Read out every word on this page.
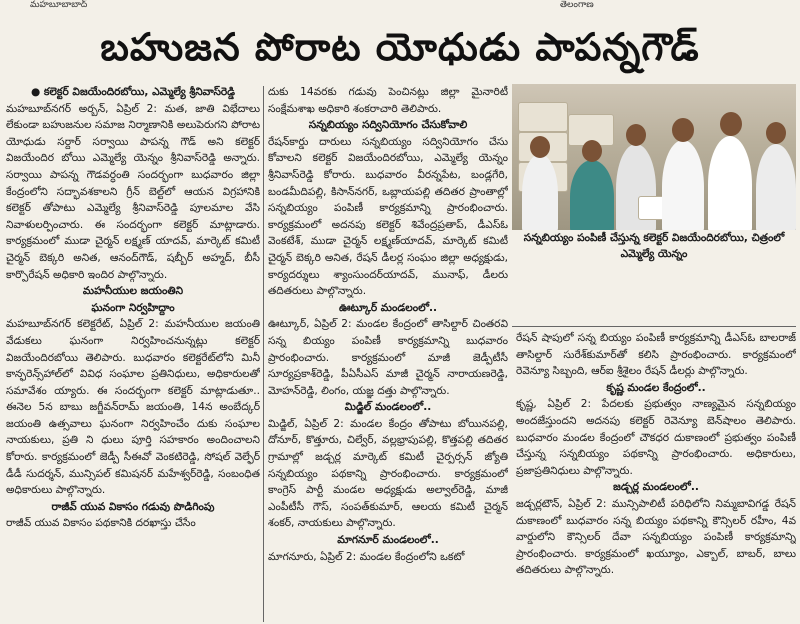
మహబూబాబాద్	తెలంగాణ
బహుజన పోరాట యోధుడు పాపన్నగౌడ్

● కలెక్టర్ విజయేందిరబోయి, ఎమ్మెల్యే శ్రీనివాస్‌రెడ్డి

మహబూబ్‌నగర్ అర్బన్, ఏప్రిల్ 2: మత, జాతి విభేదాలు లేకుండా బహుజనుల సమాజ నిర్మాణానికి అలుపెరుగని పోరాట యోధుడు సర్దార్ సర్వాయి పాపన్న గౌడ్ అని కలెక్టర్ విజయేందిర బోయి ఎమ్మెల్యే యెన్నం శ్రీనివాస్‌రెడ్డి అన్నారు. సర్వాయి పాపన్న గౌడవర్ధంతి సందర్భంగా బుధవారం జిల్లా కేంద్రంలోని సద్భావశకాలని గ్రీన్ బెల్ట్‌లో ఆయన విగ్రహానికి కలెక్టర్ తోపాటు ఎమ్మెల్యే శ్రీనివాస్‌రెడ్డి పూలమాల వేసి నివాళులర్పించారు. ఈ సందర్భంగా కలెక్టర్ మాట్లాడారు. కార్యక్రమంలో ముడా చైర్మన్ లక్ష్మణ్ యాదవ్, మార్కెట్ కమిటీ చైర్మన్ బెక్కరి అనిత, ఆనంద్‌గౌడ్, షబ్బీర్ అహ్మద్, బీసీ కార్పొరేషన్ అధికారి ఇందిర పాల్గొన్నారు.

మహనీయుల జయంతిని

ఘనంగా నిర్వహిద్దాం

మహబూబ్‌నగర్ కలెక్టరేట్, ఏప్రిల్ 2: మహనీయుల జయంతి వేడుకలు ఘనంగా నిర్వహించనున్నట్లు కలెక్టర్ విజయేందిరబోయి తెలిపారు. బుధవారం కలెక్టరేట్‌లోని మినీ కాన్ఫరెన్స్‌హాల్‌లో వివిధ సంఘాల ప్రతినిధులు, అధికారులతో సమావేశం య్యారు. ఈ సందర్భంగా కలెక్టర్ మాట్లాడుతూ.. ఈనెల 5న బాబు జగ్జీవన్‌రామ్ జయంతి, 14న అంబేద్కర్ జయంతి ఉత్సవాలు ఘనంగా నిర్వహించేం దుకు సంఘాల నాయకులు, ప్రతి ని ధులు పూర్తి సహకారం అందించాలని కోరారు. కార్యక్రమంలో జెడ్పీ సీఈవో వెంకటిరెడ్డి, సోషల్ వెల్ఫేర్ డీడీ సుదర్శన్, మున్సిపల్ కమిషనర్ మహేశ్వర్‌రెడ్డి, సంబంధిత అధికారులు పాల్గొన్నారు.

రాజీవ్ యువ వికాసం గడువు పొడిగింపు

రాజీవ్ యువ వికాసం పథకానికి దరఖాస్తు చేసేం

దుకు 14వరకు గడువు పెంచినట్లు జిల్లా మైనారిటీ సంక్షేమశాఖ అధికారి శంకరాచారి తెలిపారు.

సన్నబియ్యం సద్వినియోగం చేసుకోవాలి

రేషన్‌కార్డు దారులు సన్నబియ్యం సద్వినియోగం చేసు కోవాలని కలెక్టర్ విజయేందిరబోయి, ఎమ్మెల్యే యెన్నం శ్రీనివాస్‌రెడ్డి కోరారు. బుధవారం వీరన్నపేట, బండ్లగేరి, బండమీదిపల్లి, కిసాన్‌నగర్, ఒబ్లాయపల్లి తదితర ప్రాంతాల్లో సన్నబియ్యం పంపిణీ కార్యక్రమాన్ని ప్రారంభించారు. కార్యక్రమంలో అదనపు కలెక్టర్ శివేంద్రప్రతాప్, డీఎస్‌ఓ వెంకటేశ్, ముడా చైర్మన్ లక్ష్మణ్‌యాదవ్, మార్కెట్ కమిటీ చైర్మన్ బెక్కరి అనిత, రేషన్ డీలర్ల సంఘం జిల్లా అధ్యక్షుడు, కార్యదర్శులు శ్యాంసుందర్‌యాదవ్, మునాఫ్, డీలరు తదితరులు పాల్గొన్నారు.

ఊట్కూర్ మండలంలో..

ఊట్కూర్, ఏప్రిల్ 2: మండల కేంద్రంలో తాసిల్దార్ చింతరవి సన్న బియ్యం పంపిణీ కార్యక్రమాన్ని బుధవారం ప్రారంభించారు. కార్యక్రమంలో మాజీ జెడ్పీటీసీ సూర్యప్రకాశ్‌రెడ్డి, పీఏసీఎస్ మాజీ చైర్మన్ నారాయణరెడ్డి, మోహన్‌రెడ్డి, లింగం, యజ్ఞ దత్తు పాల్గొన్నారు.

మిడ్జిల్ మండలంలో..

మిడ్జిల్, ఏప్రిల్ 2: మండల కేంద్రం తోపాటు బోయినపల్లి, దోనూర్, కొత్తూరు, చిల్వేర్, వల్లభ్రాపుపల్లి, కొత్తపల్లి తదితర గ్రామాల్లో జడ్చర్ల మార్కెట్ కమిటీ చైర్పర్సన్ జ్యోతి సన్నబియ్యం పథకాన్ని ప్రారంభించారు. కార్యక్రమంలో కాంగ్రెస్ పార్టీ మండల అధ్యక్షుడు అల్వాల్‌రెడ్డి, మాజీ ఎంపీటీసీ గౌస్, సంపత్‌కుమార్, ఆలయ కమిటీ చైర్మన్ శంకర్, నాయకులు పాల్గొన్నారు.

మాగనూర్ మండలంలో..

మాగనూరు, ఏప్రిల్ 2: మండల కేంద్రంలోని ఒకటో

సన్నబియ్యం పంపిణీ చేస్తున్న కలెక్టర్ విజయేందిరబోయి, చిత్రంలో ఎమ్మెల్యే యెన్నం

రేషన్ షాపులో సన్న బియ్యం పంపిణీ కార్యక్రమాన్ని డీఎస్‌ఓ బాలరాజ్ తాసిల్దార్ సురేశ్‌కుమార్‌తో కలిసి ప్రారంభించారు. కార్యక్రమంలో రెవెన్యూ సిబ్బంది, ఆర్‌ఐ శ్రీశైలం రేషన్ డీలర్లు పాల్గొన్నారు.

కృష్ణ మండల కేంద్రంలో..

కృష్ణ, ఏప్రిల్ 2: పేదలకు ప్రభుత్వం నాణ్యమైన సన్నబియ్యం అందజేస్తుందని అదనపు కలెక్టర్ రెవెన్యూ బెన్‌షాలం తెలిపారు. బుధవారం మండల కేంద్రంలో చౌకధర దుకాణంలో ప్రభుత్వం పంపిణీ చేస్తున్న సన్నబియ్యం పథకాన్ని ప్రారంభించారు. అధికారులు, ప్రజాప్రతినిధులు పాల్గొన్నారు.

జడ్చర్ల మండలంలో..

జడ్చర్లటౌన్, ఏప్రిల్ 2: మున్సిపాలిటీ పరిధిలోని నిమ్మబావిగడ్డ రేషన్ దుకాణంలో బుధవారం సన్న బియ్యం పథకాన్ని కౌన్సిలర్ రహీం, 4వ వార్డులోని కౌన్సిలర్ దేవా సన్నబియ్యం పంపిణీ కార్యక్రమాన్ని ప్రారంభించారు. కార్యక్రమంలో ఖయ్యూం, ఎక్బాల్, బాబర్, బాలు తదితరులు పాల్గొన్నారు.
